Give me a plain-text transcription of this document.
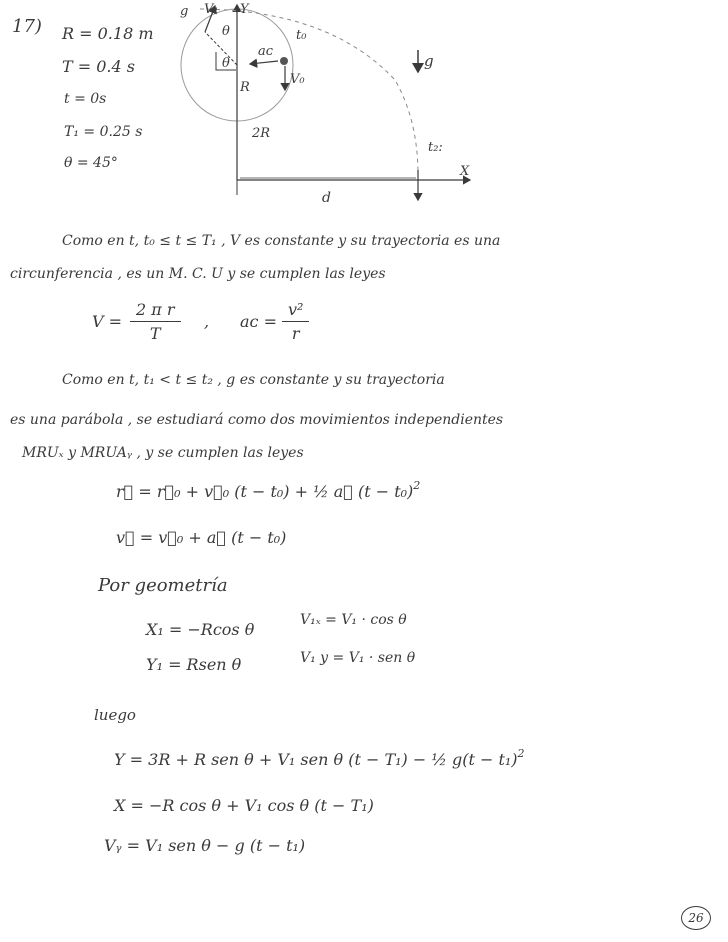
17) R = 0.18 m
T = 0.4 s
t = 0s
T₁ = 0.25 s
θ = 45°
g V₁ Y
θ	t₀
aᴄ
V₀
θ
R
g
2R
t₂:
X
d
Como en t, t₀ ≤ t ≤ T₁ , V es constante y su trayectoria es una
circunferencia , es un M. C. U y se cumplen las leyes
$V = \frac{\text{2 π r}}{T}$ , aᴄ = $\frac{\text{v²}}{r}$
Como en t, t₁ < t ≤ t₂ , g es constante y su trayectoria
es una parábola , se estudiará como dos movimientos independientes
MRUₓ y MRUAᵧ , y se cumplen las leyes
r⃗ = r⃗₀ + v⃗₀ (t − t₀) + ½ a⃗ $(t - t_0)^2$
v⃗ = v⃗₀ + a⃗ (t − t₀)
Por geometría
X₁ = −Rcos θ
Y₁ = Rsen θ
V₁ₓ = V₁ · cos θ
V₁ y = V₁ · sen θ
luego
Y = 3R + R sen θ + V₁ sen θ (t − T₁) − ½ $g(t - t_1)^2$
X = −R cos θ + V₁ cos θ (t − T₁)
Vᵧ = V₁ sen θ − g (t − t₁)
26
